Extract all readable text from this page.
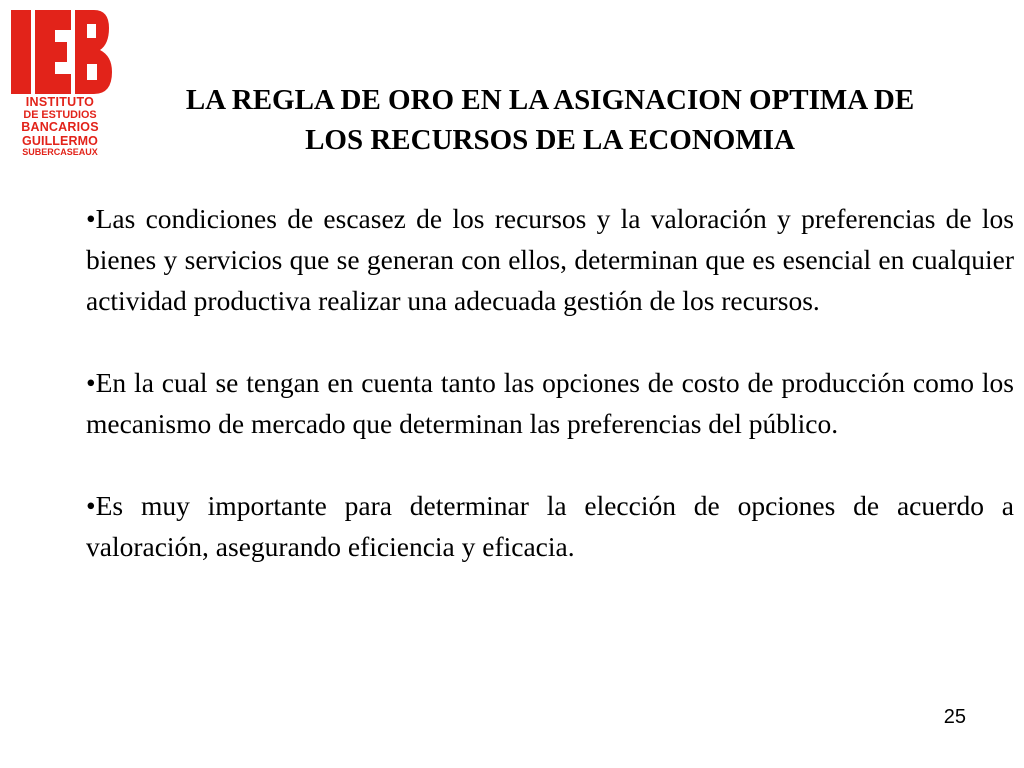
INSTITUTO
DE ESTUDIOS
BANCARIOS
GUILLERMO
SUBERCASEAUX
LA REGLA DE ORO EN LA ASIGNACION OPTIMA DE
LOS RECURSOS DE LA ECONOMIA

•Las condiciones de escasez de los recursos y la valoración y preferencias de los bienes y servicios que se generan con ellos, determinan que es esencial en cualquier actividad productiva realizar una adecuada gestión de los recursos.

•En la cual se tengan en cuenta tanto las opciones de costo de producción como los mecanismo de mercado que determinan las preferencias del público.

•Es muy importante para determinar la elección de opciones de acuerdo a valoración, asegurando eficiencia y eficacia.

25
